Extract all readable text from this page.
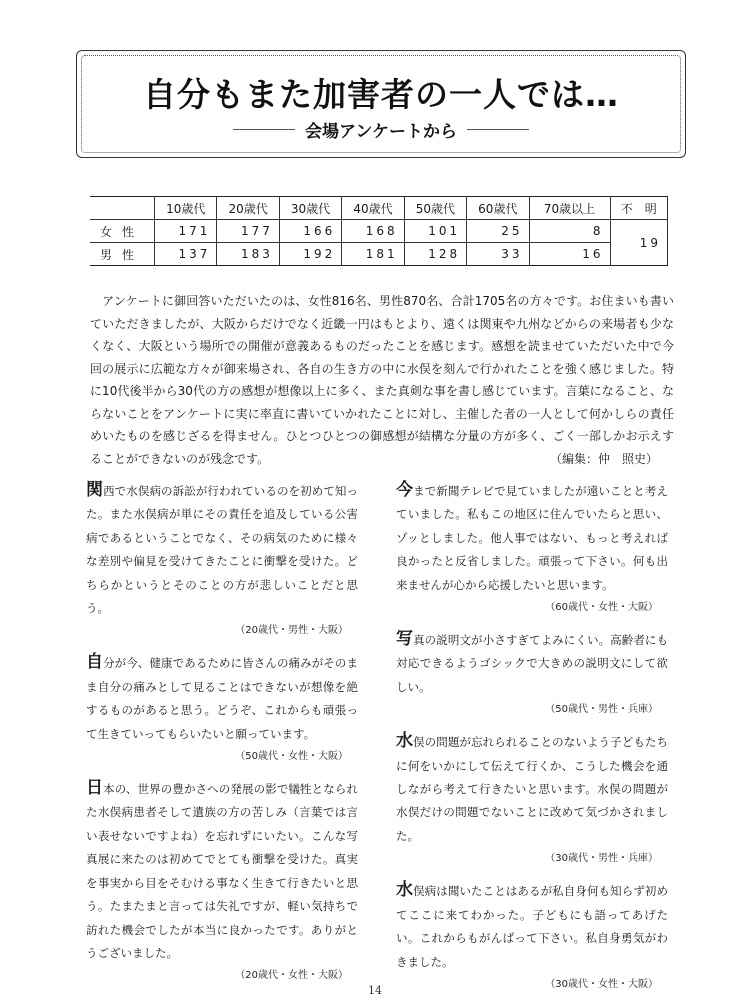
自分もまた加害者の一人では…
会場アンケートから
	10歳代	20歳代	30歳代	40歳代	50歳代	60歳代	70歳以上	不　明
女性	171	177	166	168	101	25	8	19
男性	137	183	192	181	128	33	16	
アンケートに御回答いただいたのは、女性816名、男性870名、合計1705名の方々です。お住まいも書いていただきましたが、大阪からだけでなく近畿一円はもとより、遠くは関東や九州などからの来場者も少なくなく、大阪という場所での開催が意義あるものだったことを感じます。感想を読ませていただいた中で今回の展示に広範な方々が御来場され、各自の生き方の中に水俣を刻んで行かれたことを強く感じました。特に10代後半から30代の方の感想が想像以上に多く、また真剣な事を書し感じています。言葉になること、ならないことをアンケートに実に率直に書いていかれたことに対し、主催した者の一人として何かしらの責任めいたものを感じざるを得ません。ひとつひとつの御感想が結構な分量の方が多く、ごく一部しかお示えすることができないのが残念です。	（編集：仲　照史）
関西で水俣病の訴訟が行われているのを初めて知った。また水俣病が単にその責任を追及している公害病であるということでなく、その病気のために様々な差別や偏見を受けてきたことに衝撃を受けた。どちらかというとそのことの方が悲しいことだと思う。
（20歳代・男性・大阪）
自分が今、健康であるために皆さんの痛みがそのまま自分の痛みとして見ることはできないが想像を絶するものがあると思う。どうぞ、これからも頑張って生きていってもらいたいと願っています。
（50歳代・女性・大阪）
日本の、世界の豊かさへの発展の影で犠牲となられた水俣病患者そして遺族の方の苦しみ（言葉では言い表せないですよね）を忘れずにいたい。こんな写真展に来たのは初めてでとても衝撃を受けた。真実を事実から目をそむける事なく生きて行きたいと思う。たまたまと言っては失礼ですが、軽い気持ちで訪れた機会でしたが本当に良かったです。ありがとうございました。
（20歳代・女性・大阪）
今まで新聞テレビで見ていましたが遠いことと考えていました。私もこの地区に住んでいたらと思い、ゾッとしました。他人事ではない、もっと考えれば良かったと反省しました。頑張って下さい。何も出来ませんが心から応援したいと思います。
（60歳代・女性・大阪）
写真の説明文が小さすぎてよみにくい。高齢者にも対応できるようゴシックで大きめの説明文にして欲しい。
（50歳代・男性・兵庫）
水俣の問題が忘れられることのないよう子どもたちに何をいかにして伝えて行くか、こうした機会を通しながら考えて行きたいと思います。水俣の問題が水俣だけの問題でないことに改めて気づかされました。
（30歳代・男性・兵庫）
水俣病は聞いたことはあるが私自身何も知らず初めてここに来てわかった。子どもにも語ってあげたい。これからもがんばって下さい。私自身勇気がわきました。
（30歳代・女性・大阪）
14
